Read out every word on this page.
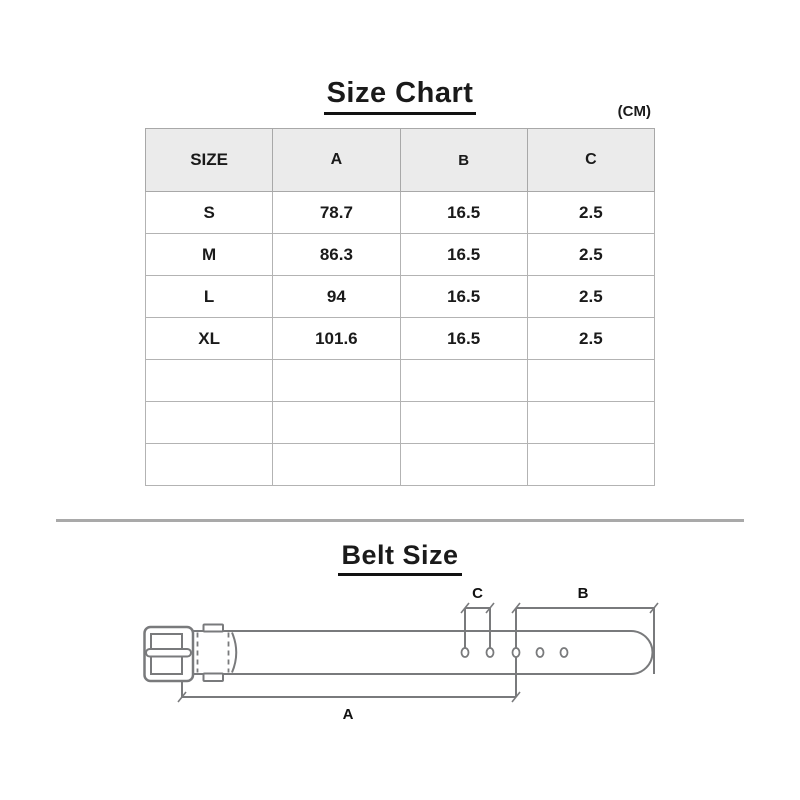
Size Chart
(CM)
SIZE	A	B	C
S	78.7	16.5	2.5
M	86.3	16.5	2.5
L	94	16.5	2.5
XL	101.6	16.5	2.5

Belt Size
C	B
A
